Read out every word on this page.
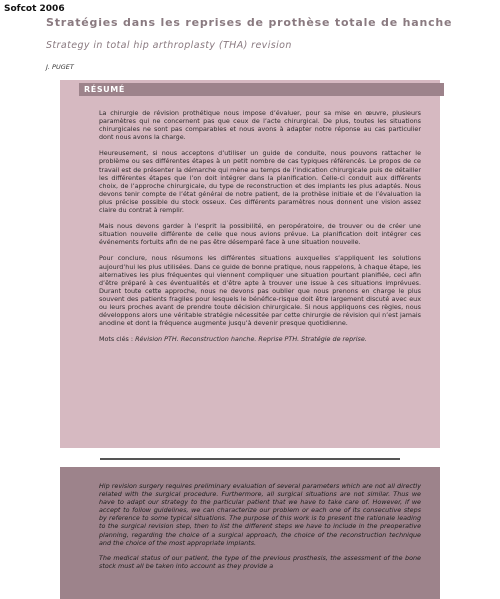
Sofcot 2006
Stratégies dans les reprises de prothèse totale de hanche
Strategy in total hip arthroplasty (THA) revision
J. PUGET
RÉSUMÉ

La chirurgie de révision prothétique nous impose d’évaluer, pour sa mise en œuvre, plusieurs paramètres qui ne concernent pas que ceux de l’acte chirurgical. De plus, toutes les situations chirurgicales ne sont pas comparables et nous avons à adapter notre réponse au cas particulier dont nous avons la charge.

Heureusement, si nous acceptons d’utiliser un guide de conduite, nous pouvons rattacher le problème ou ses différentes étapes à un petit nombre de cas typiques référencés. Le propos de ce travail est de présenter la démarche qui mène au temps de l’indication chirurgicale puis de détailler les différentes étapes que l’on doit intégrer dans la planification. Celle-ci conduit aux différents choix, de l’approche chirurgicale, du type de reconstruction et des implants les plus adaptés. Nous devons tenir compte de l’état général de notre patient, de la prothèse initiale et de l’évaluation la plus précise possible du stock osseux. Ces différents paramètres nous donnent une vision assez claire du contrat à remplir.

Mais nous devons garder à l’esprit la possibilité, en peropératoire, de trouver ou de créer une situation nouvelle différente de celle que nous avions prévue. La planification doit intégrer ces événements fortuits afin de ne pas être désemparé face à une situation nouvelle.

Pour conclure, nous résumons les différentes situations auxquelles s’appliquent les solutions aujourd’hui les plus utilisées. Dans ce guide de bonne pratique, nous rappelons, à chaque étape, les alternatives les plus fréquentes qui viennent compliquer une situation pourtant planifiée, ceci afin d’être préparé à ces éventualités et d’être apte à trouver une issue à ces situations imprévues. Durant toute cette approche, nous ne devons pas oublier que nous prenons en charge le plus souvent des patients fragiles pour lesquels le bénéfice-risque doit être largement discuté avec eux ou leurs proches avant de prendre toute décision chirurgicale. Si nous appliquons ces règles, nous développons alors une véritable stratégie nécessitée par cette chirurgie de révision qui n’est jamais anodine et dont la fréquence augmente jusqu’à devenir presque quotidienne.

Mots clés : Révision PTH. Reconstruction hanche. Reprise PTH. Stratégie de reprise.

Hip revision surgery requires preliminary evaluation of several parameters which are not all directly related with the surgical procedure. Furthermore, all surgical situations are not similar. Thus we have to adapt our strategy to the particular patient that we have to take care of. However, if we accept to follow guidelines, we can characterize our problem or each one of its consecutive steps by reference to some typical situations. The purpose of this work is to present the rationale leading to the surgical revision step, then to list the different steps we have to include in the preoperative planning, regarding the choice of a surgical approach, the choice of the reconstruction technique and the choice of the most appropriate implants.

The medical status of our patient, the type of the previous prosthesis, the assessment of the bone stock must all be taken into account as they provide a
